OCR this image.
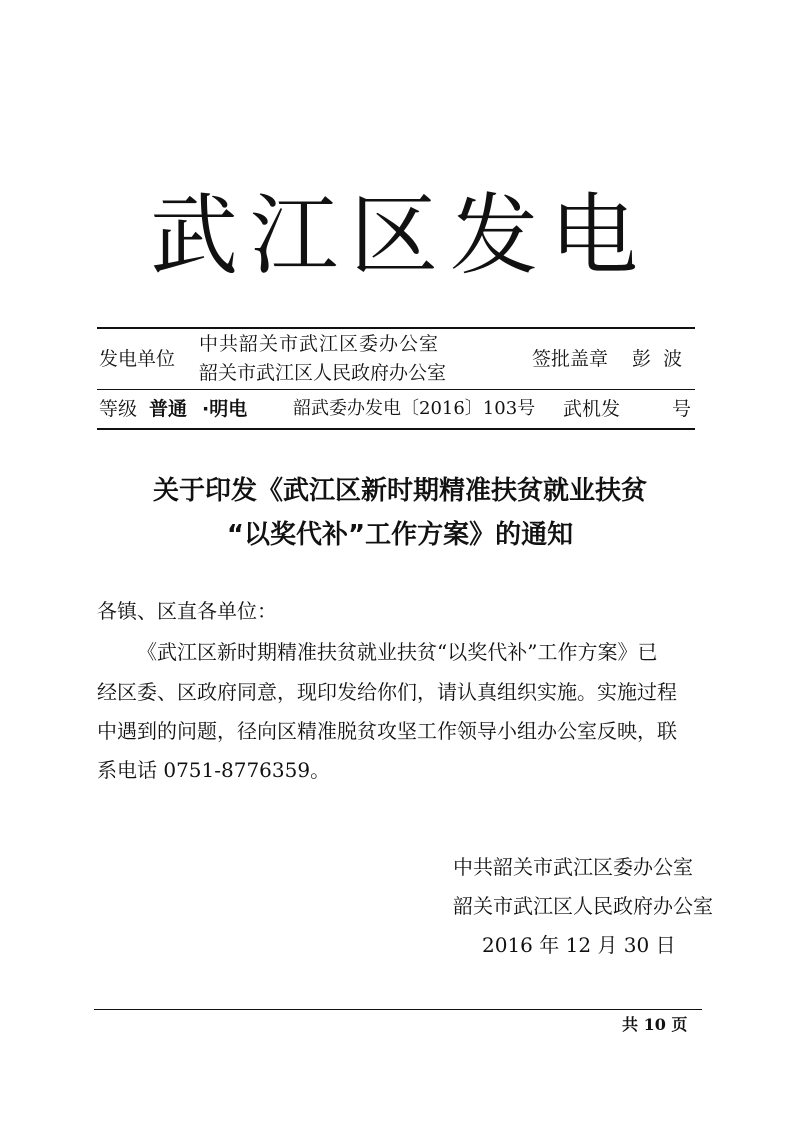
武江区发电
发电单位
中共韶关市武江区委办公室
韶关市武江区人民政府办公室
签批盖章 彭  波
等级 普通 ·明电	韶武委办发电〔2016〕103号 武机发	号
关于印发《武江区新时期精准扶贫就业扶贫
“以奖代补”工作方案》的通知
各镇、区直各单位：
《武江区新时期精准扶贫就业扶贫“以奖代补”工作方案》已
经区委、区政府同意，现印发给你们，请认真组织实施。实施过程
中遇到的问题，径向区精准脱贫攻坚工作领导小组办公室反映，联
系电话 0751-8776359。
中共韶关市武江区委办公室
韶关市武江区人民政府办公室
2016 年 12 月 30 日
共 10 页
